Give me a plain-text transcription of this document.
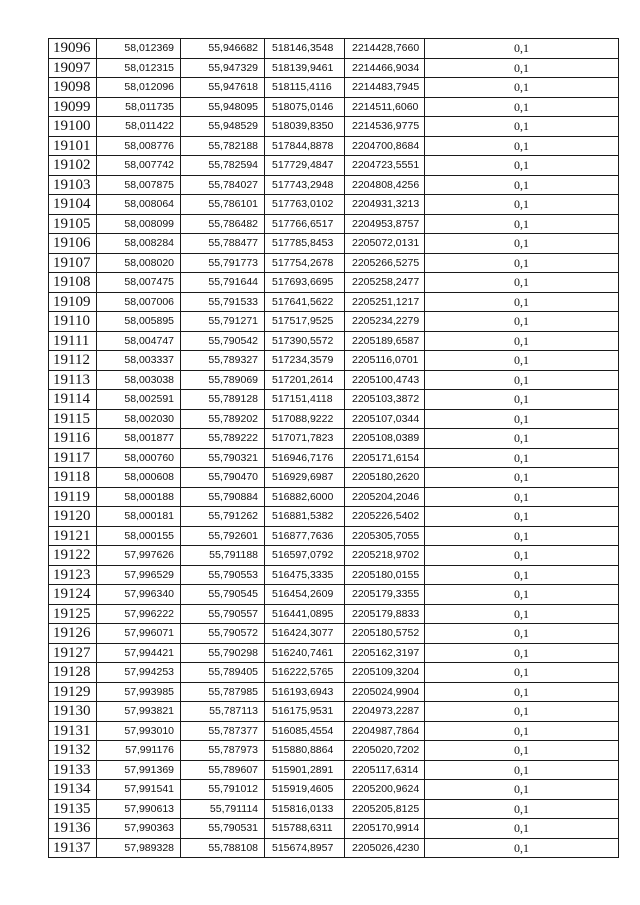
19096	58,012369	55,946682	518146,3548	2214428,7660	0,1
19097	58,012315	55,947329	518139,9461	2214466,9034	0,1
19098	58,012096	55,947618	518115,4116	2214483,7945	0,1
19099	58,011735	55,948095	518075,0146	2214511,6060	0,1
19100	58,011422	55,948529	518039,8350	2214536,9775	0,1
19101	58,008776	55,782188	517844,8878	2204700,8684	0,1
19102	58,007742	55,782594	517729,4847	2204723,5551	0,1
19103	58,007875	55,784027	517743,2948	2204808,4256	0,1
19104	58,008064	55,786101	517763,0102	2204931,3213	0,1
19105	58,008099	55,786482	517766,6517	2204953,8757	0,1
19106	58,008284	55,788477	517785,8453	2205072,0131	0,1
19107	58,008020	55,791773	517754,2678	2205266,5275	0,1
19108	58,007475	55,791644	517693,6695	2205258,2477	0,1
19109	58,007006	55,791533	517641,5622	2205251,1217	0,1
19110	58,005895	55,791271	517517,9525	2205234,2279	0,1
19111	58,004747	55,790542	517390,5572	2205189,6587	0,1
19112	58,003337	55,789327	517234,3579	2205116,0701	0,1
19113	58,003038	55,789069	517201,2614	2205100,4743	0,1
19114	58,002591	55,789128	517151,4118	2205103,3872	0,1
19115	58,002030	55,789202	517088,9222	2205107,0344	0,1
19116	58,001877	55,789222	517071,7823	2205108,0389	0,1
19117	58,000760	55,790321	516946,7176	2205171,6154	0,1
19118	58,000608	55,790470	516929,6987	2205180,2620	0,1
19119	58,000188	55,790884	516882,6000	2205204,2046	0,1
19120	58,000181	55,791262	516881,5382	2205226,5402	0,1
19121	58,000155	55,792601	516877,7636	2205305,7055	0,1
19122	57,997626	55,791188	516597,0792	2205218,9702	0,1
19123	57,996529	55,790553	516475,3335	2205180,0155	0,1
19124	57,996340	55,790545	516454,2609	2205179,3355	0,1
19125	57,996222	55,790557	516441,0895	2205179,8833	0,1
19126	57,996071	55,790572	516424,3077	2205180,5752	0,1
19127	57,994421	55,790298	516240,7461	2205162,3197	0,1
19128	57,994253	55,789405	516222,5765	2205109,3204	0,1
19129	57,993985	55,787985	516193,6943	2205024,9904	0,1
19130	57,993821	55,787113	516175,9531	2204973,2287	0,1
19131	57,993010	55,787377	516085,4554	2204987,7864	0,1
19132	57,991176	55,787973	515880,8864	2205020,7202	0,1
19133	57,991369	55,789607	515901,2891	2205117,6314	0,1
19134	57,991541	55,791012	515919,4605	2205200,9624	0,1
19135	57,990613	55,791114	515816,0133	2205205,8125	0,1
19136	57,990363	55,790531	515788,6311	2205170,9914	0,1
19137	57,989328	55,788108	515674,8957	2205026,4230	0,1
